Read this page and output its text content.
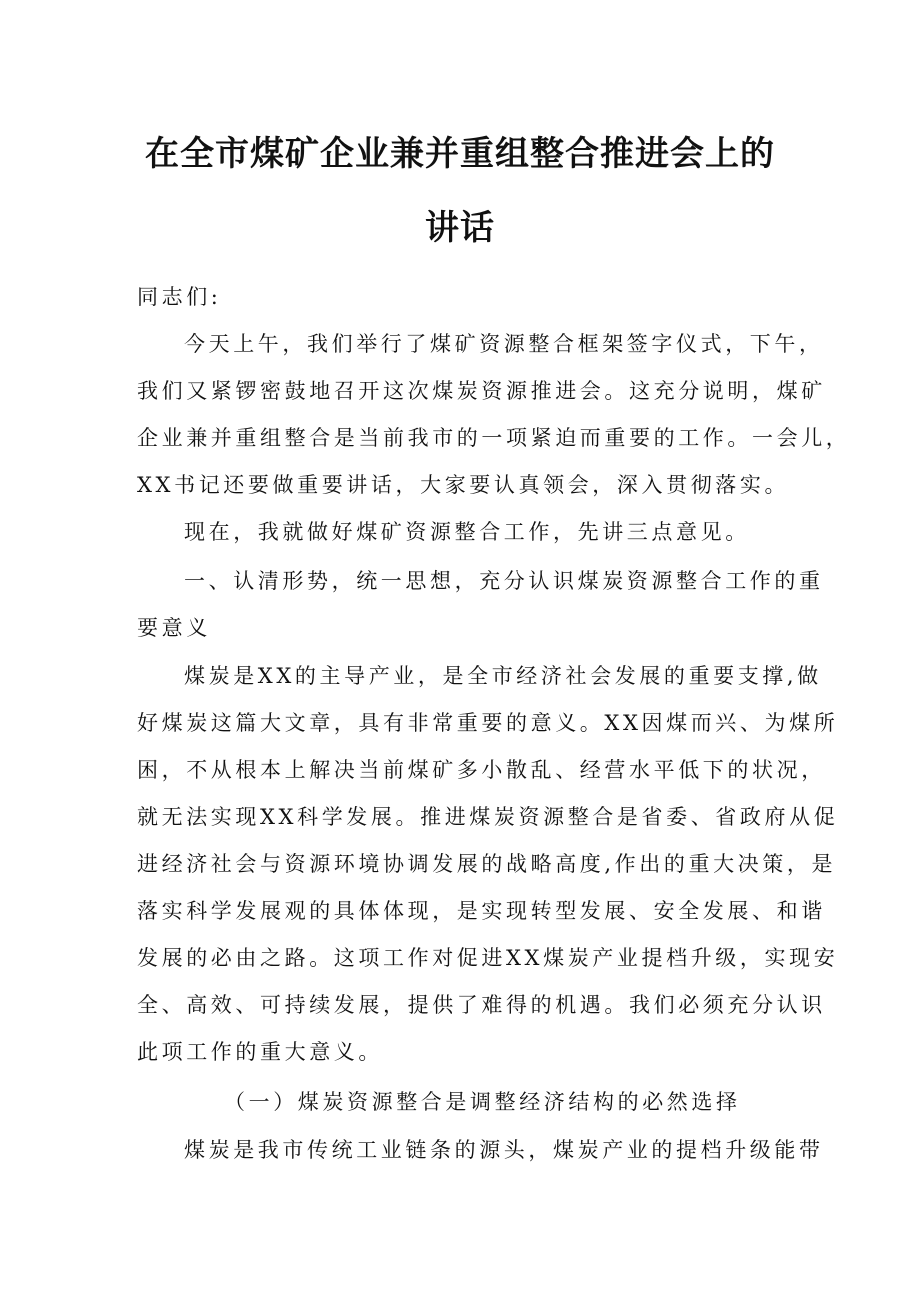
在全市煤矿企业兼并重组整合推进会上的
讲话
同志们:
今天上午，我们举行了煤矿资源整合框架签字仪式，下午，
我们又紧锣密鼓地召开这次煤炭资源推进会。这充分说明，煤矿
企业兼并重组整合是当前我市的一项紧迫而重要的工作。一会儿，
XX书记还要做重要讲话，大家要认真领会，深入贯彻落实。
现在，我就做好煤矿资源整合工作，先讲三点意见。
一、认清形势，统一思想，充分认识煤炭资源整合工作的重
要意义
煤炭是XX的主导产业，是全市经济社会发展的重要支撑,做
好煤炭这篇大文章，具有非常重要的意义。XX因煤而兴、为煤所
困，不从根本上解决当前煤矿多小散乱、经营水平低下的状况，
就无法实现XX科学发展。推进煤炭资源整合是省委、省政府从促
进经济社会与资源环境协调发展的战略高度,作出的重大决策，是
落实科学发展观的具体体现，是实现转型发展、安全发展、和谐
发展的必由之路。这项工作对促进XX煤炭产业提档升级，实现安
全、高效、可持续发展，提供了难得的机遇。我们必须充分认识
此项工作的重大意义。
（一）煤炭资源整合是调整经济结构的必然选择
煤炭是我市传统工业链条的源头，煤炭产业的提档升级能带
